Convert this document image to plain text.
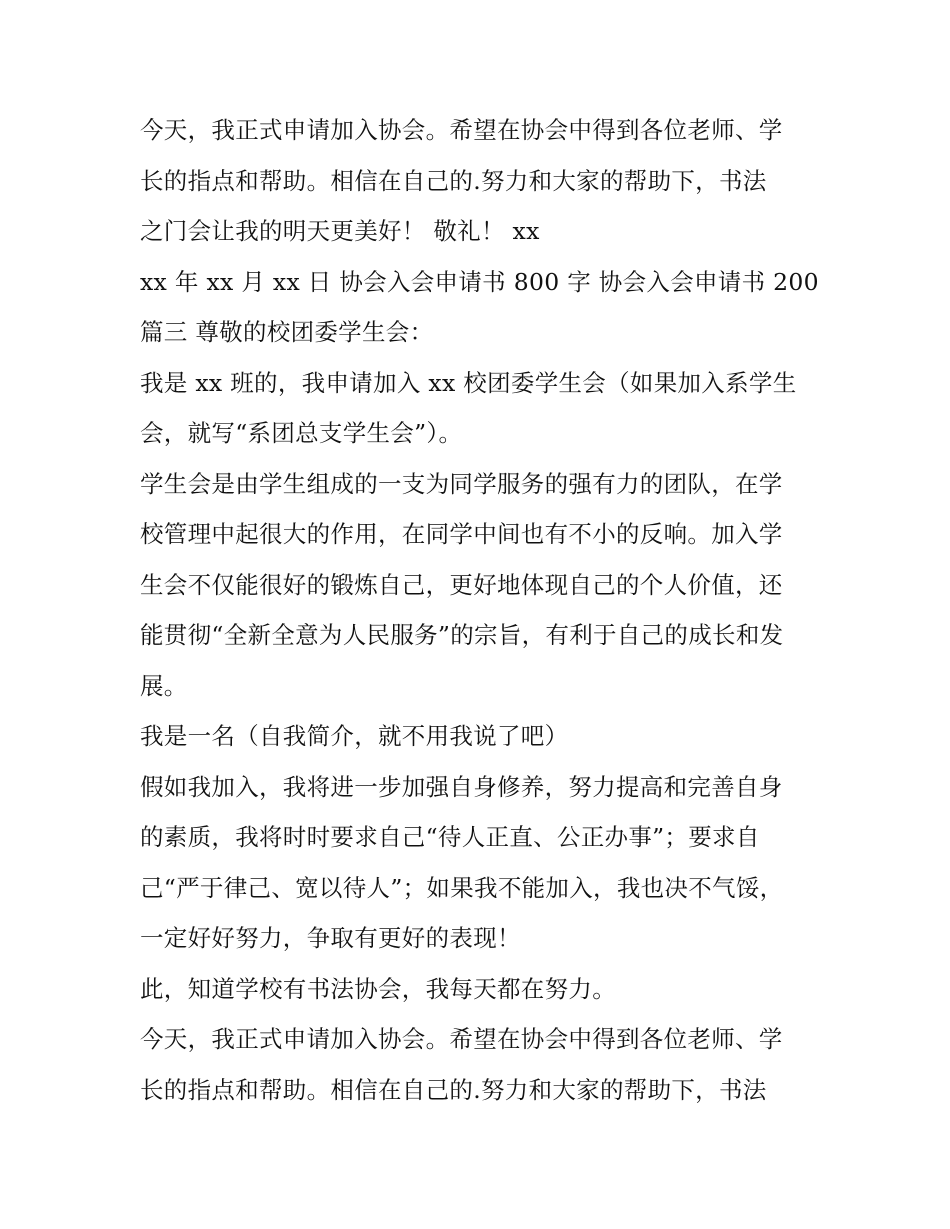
今天，我正式申请加入协会。希望在协会中得到各位老师、学
长的指点和帮助。相信在自己的.努力和大家的帮助下，书法
之门会让我的明天更美好！ 敬礼！ xx
xx 年 xx 月 xx 日 协会入会申请书 800 字 协会入会申请书 200
篇三 尊敬的校团委学生会：
我是 xx 班的，我申请加入 xx 校团委学生会（如果加入系学生
会，就写“系团总支学生会”）。
学生会是由学生组成的一支为同学服务的强有力的团队，在学
校管理中起很大的作用，在同学中间也有不小的反响。加入学
生会不仅能很好的锻炼自己，更好地体现自己的个人价值，还
能贯彻“全新全意为人民服务”的宗旨，有利于自己的成长和发
展。
我是一名（自我简介，就不用我说了吧）
假如我加入，我将进一步加强自身修养，努力提高和完善自身
的素质，我将时时要求自己“待人正直、公正办事”；要求自
己“严于律己、宽以待人”；如果我不能加入，我也决不气馁，
一定好好努力，争取有更好的表现！
此，知道学校有书法协会，我每天都在努力。
今天，我正式申请加入协会。希望在协会中得到各位老师、学
长的指点和帮助。相信在自己的.努力和大家的帮助下，书法
